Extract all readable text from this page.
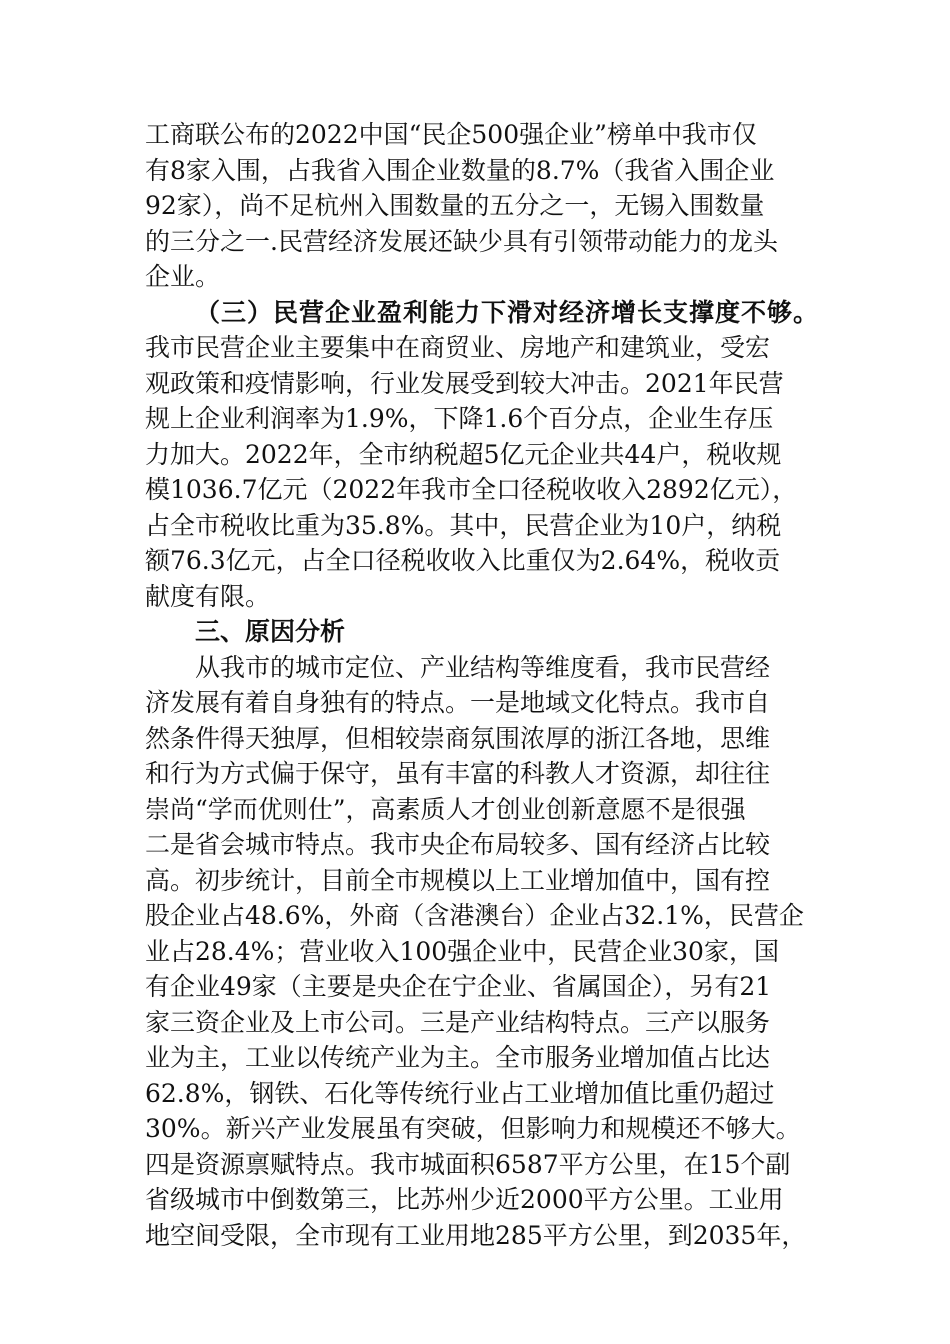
工商联公布的2022中国“民企500强企业”榜单中我市仅
有8家入围，占我省入围企业数量的8.7%（我省入围企业
92家），尚不足杭州入围数量的五分之一，无锡入围数量
的三分之一.民营经济发展还缺少具有引领带动能力的龙头
企业。
（三）民营企业盈利能力下滑对经济增长支撑度不够。
我市民营企业主要集中在商贸业、房地产和建筑业，受宏
观政策和疫情影响，行业发展受到较大冲击。2021年民营
规上企业利润率为1.9%，下降1.6个百分点，企业生存压
力加大。2022年，全市纳税超5亿元企业共44户，税收规
模1036.7亿元（2022年我市全口径税收收入2892亿元），
占全市税收比重为35.8%。其中，民营企业为10户，纳税
额76.3亿元，占全口径税收收入比重仅为2.64%，税收贡
献度有限。
三、原因分析
从我市的城市定位、产业结构等维度看，我市民营经
济发展有着自身独有的特点。一是地域文化特点。我市自
然条件得天独厚，但相较崇商氛围浓厚的浙江各地，思维
和行为方式偏于保守，虽有丰富的科教人才资源，却往往
崇尚“学而优则仕”，高素质人才创业创新意愿不是很强
二是省会城市特点。我市央企布局较多、国有经济占比较
高。初步统计，目前全市规模以上工业增加值中，国有控
股企业占48.6%，外商（含港澳台）企业占32.1%，民营企
业占28.4%；营业收入100强企业中，民营企业30家，国
有企业49家（主要是央企在宁企业、省属国企），另有21
家三资企业及上市公司。三是产业结构特点。三产以服务
业为主，工业以传统产业为主。全市服务业增加值占比达
62.8%，钢铁、石化等传统行业占工业增加值比重仍超过
30%。新兴产业发展虽有突破，但影响力和规模还不够大。
四是资源禀赋特点。我市城面积6587平方公里，在15个副
省级城市中倒数第三，比苏州少近2000平方公里。工业用
地空间受限，全市现有工业用地285平方公里，到2035年，
